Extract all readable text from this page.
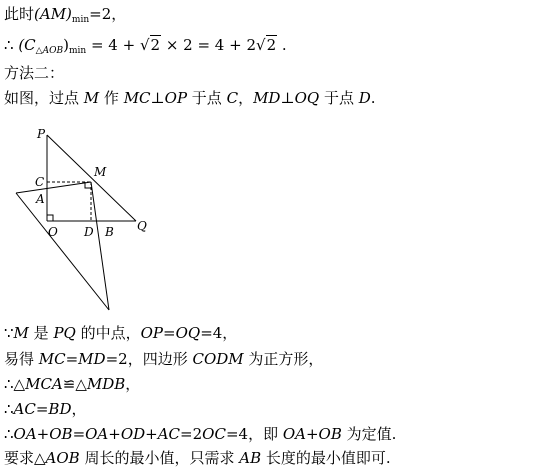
此时$(AM)_{min}=2$，
∴ $(C_{\triangle AOB})_{min} = 4 + √2 \times 2 = 4 + 2√2$ .
方法二：
如图，过点 M 作 MC⊥OP 于点 C，MD⊥OQ 于点 D.
P
M
C
A
O D B Q
∵M 是 PQ 的中点，OP=OQ=4，
易得 MC=MD=2，四边形 CODM 为正方形，
∴△MCA≌△MDB，
∴AC=BD，
∴OA+OB=OA+OD+AC=2OC=4，即 OA+OB 为定值.
要求△AOB 周长的最小值，只需求 AB 长度的最小值即可.
